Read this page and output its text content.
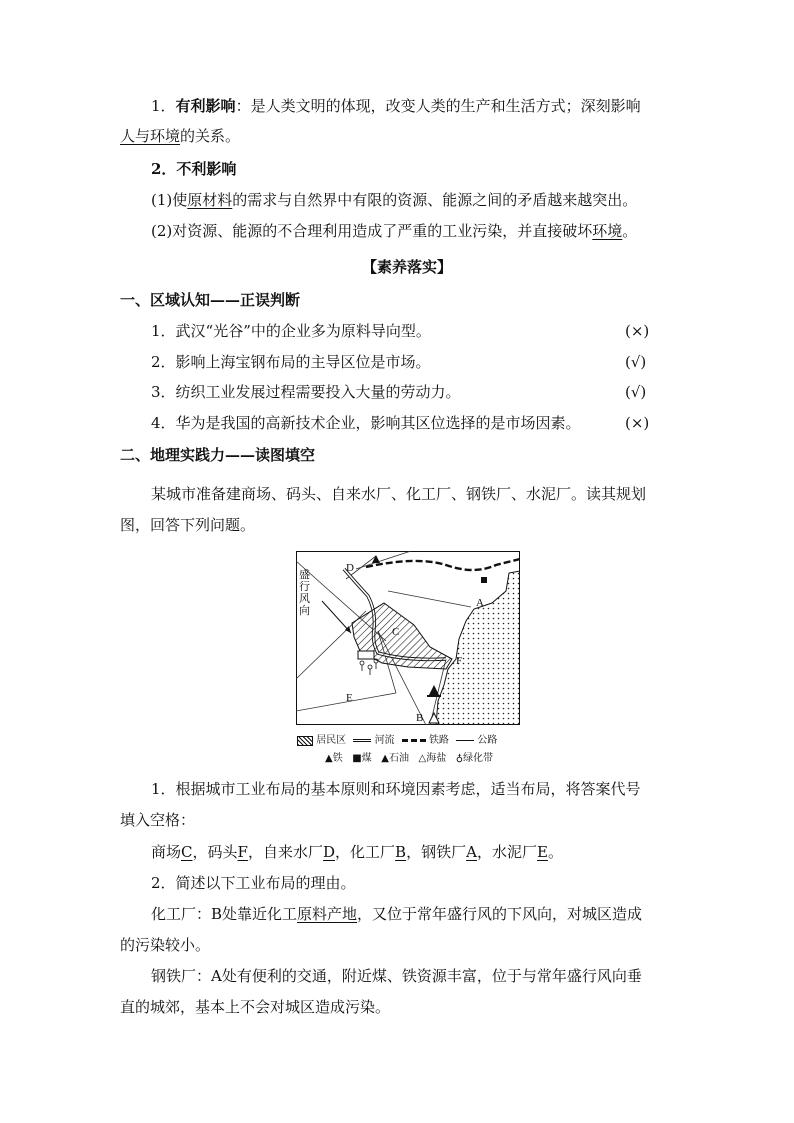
1．有利影响：是人类文明的体现，改变人类的生产和生活方式；深刻影响
人与环境的关系。
2．不利影响
(1)使原材料的需求与自然界中有限的资源、能源之间的矛盾越来越突出。
(2)对资源、能源的不合理利用造成了严重的工业污染，并直接破坏环境。
【素养落实】
一、区域认知——正误判断
1．武汉“光谷”中的企业多为原料导向型。	(×)
2．影响上海宝钢布局的主导区位是市场。	(√)
3．纺织工业发展过程需要投入大量的劳动力。	(√)
4．华为是我国的高新技术企业，影响其区位选择的是市场因素。	(×)
二、地理实践力——读图填空
某城市准备建商场、码头、自来水厂、化工厂、钢铁厂、水泥厂。读其规划
图，回答下列问题。
A
B
C
D
E
F
盛行风向
居民区	河流	铁路	公路
▲铁 ■煤 ▲石油 △海盐 ♁绿化带
1．根据城市工业布局的基本原则和环境因素考虑，适当布局，将答案代号
填入空格：
商场C，码头F，自来水厂D，化工厂B，钢铁厂A，水泥厂E。
2．简述以下工业布局的理由。
化工厂：B处靠近化工原料产地，又位于常年盛行风的下风向，对城区造成
的污染较小。
钢铁厂：A处有便利的交通，附近煤、铁资源丰富，位于与常年盛行风向垂
直的城郊，基本上不会对城区造成污染。
